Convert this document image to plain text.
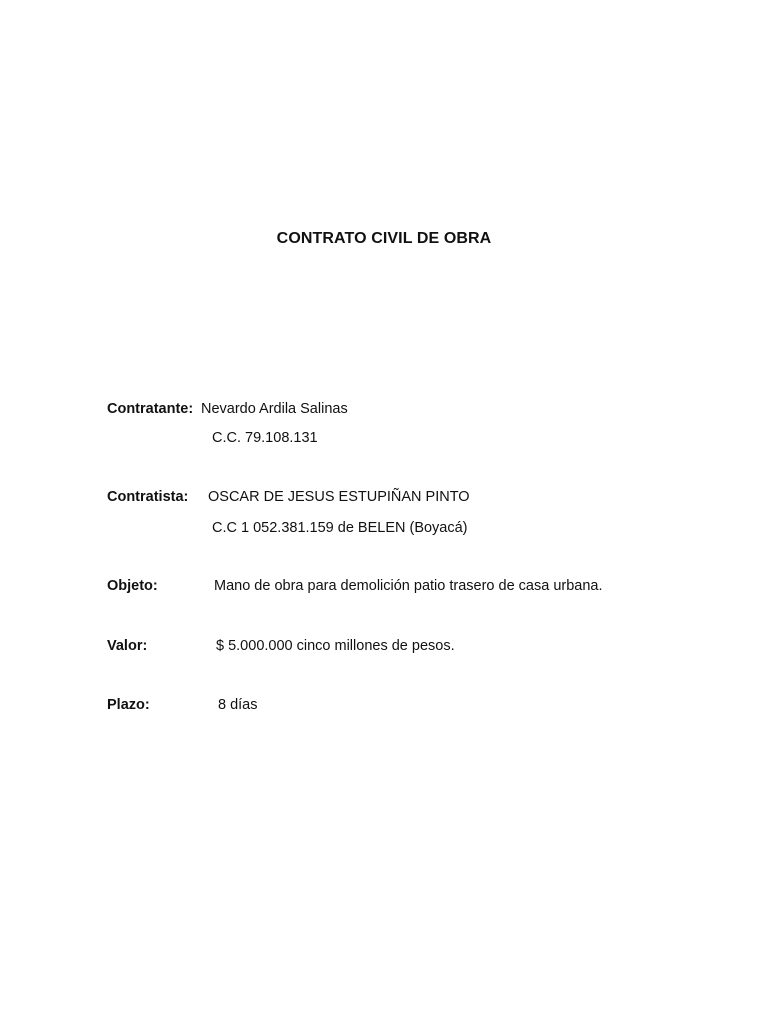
CONTRATO CIVIL DE OBRA
Contratante: Nevardo Ardila Salinas
C.C. 79.108.131
Contratista: OSCAR DE JESUS ESTUPIÑAN PINTO
C.C 1 052.381.159 de BELEN (Boyacá)
Objeto:	Mano de obra para demolición patio trasero de casa urbana.
Valor:	$ 5.000.000 cinco millones de pesos.
Plazo:	8 días
